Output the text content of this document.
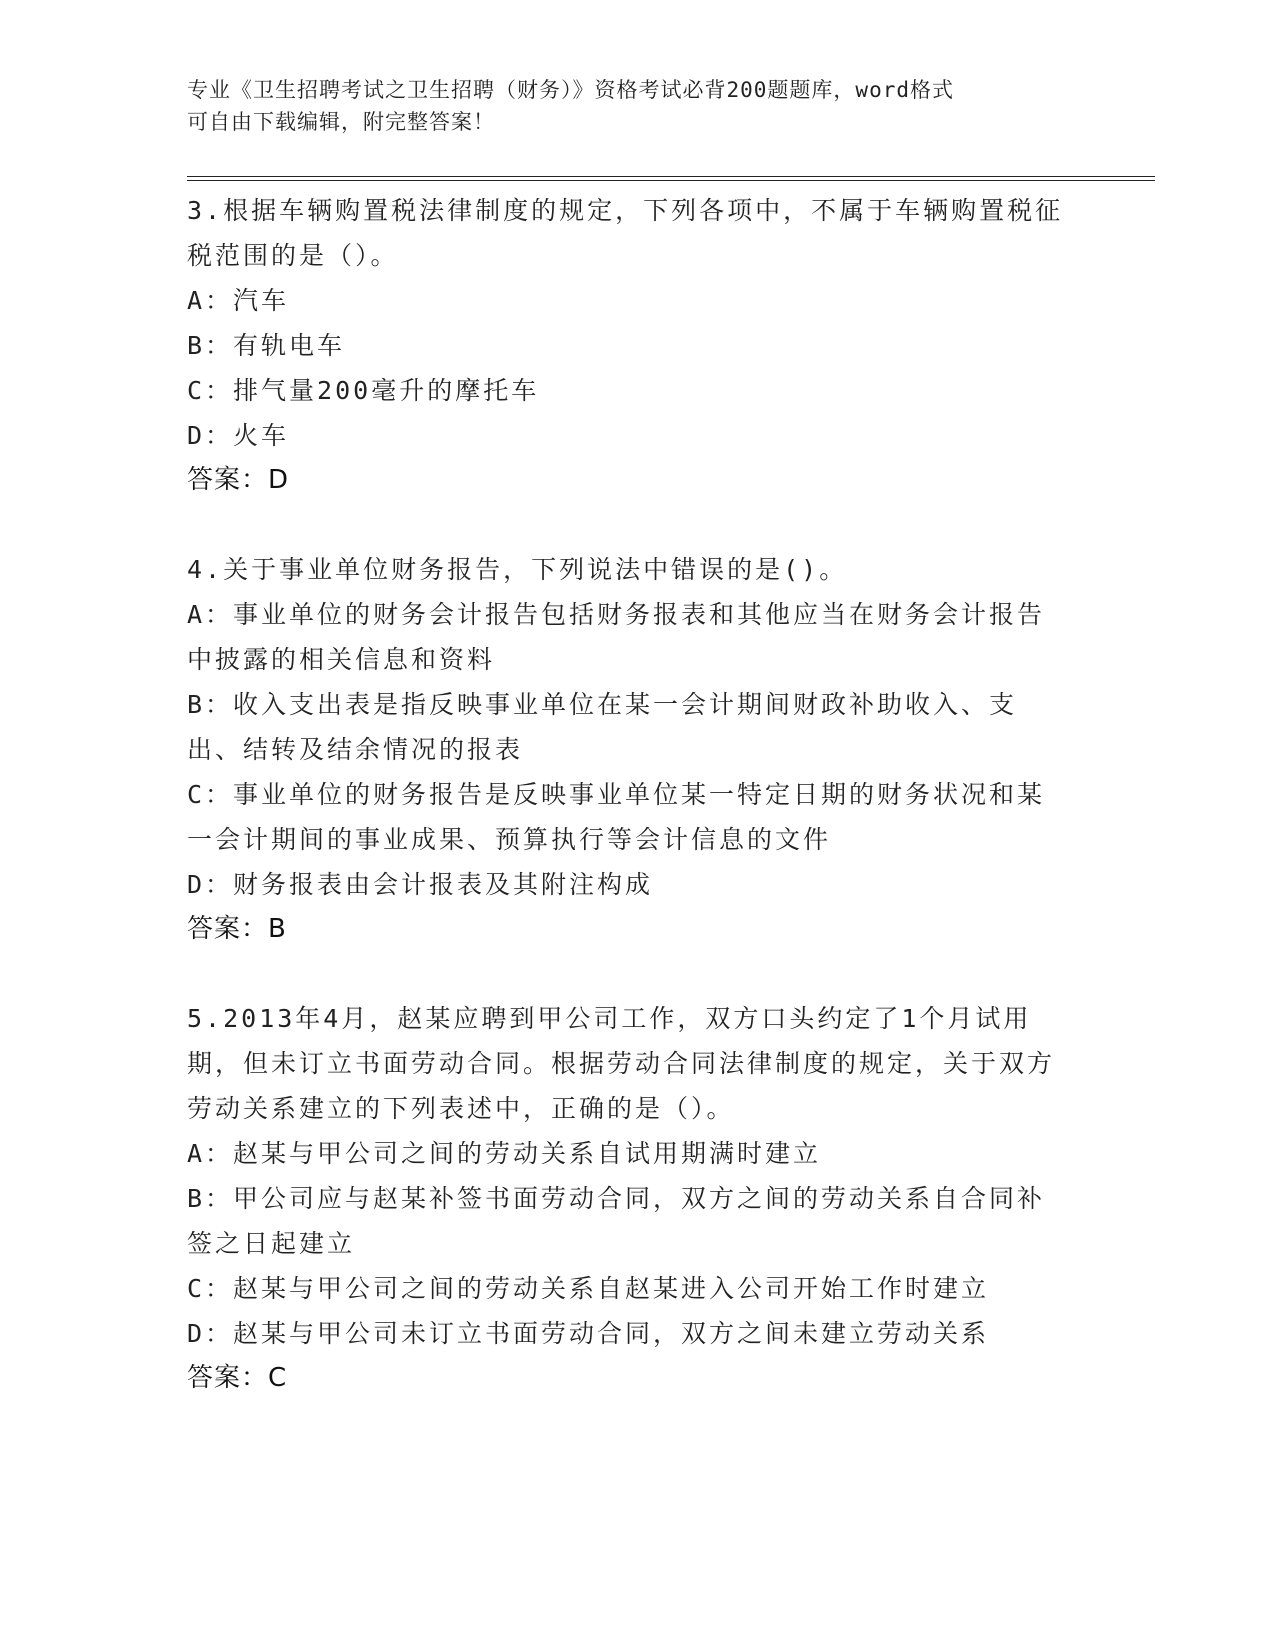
专业《卫生招聘考试之卫生招聘（财务）》资格考试必背200题题库，word格式
可自由下载编辑，附完整答案！
3.根据车辆购置税法律制度的规定，下列各项中，不属于车辆购置税征税范围的是（）。
A：汽车
B：有轨电车
C：排气量200毫升的摩托车
D：火车
答案：D
4.关于事业单位财务报告，下列说法中错误的是()。
A：事业单位的财务会计报告包括财务报表和其他应当在财务会计报告中披露的相关信息和资料
B：收入支出表是指反映事业单位在某一会计期间财政补助收入、支出、结转及结余情况的报表
C：事业单位的财务报告是反映事业单位某一特定日期的财务状况和某一会计期间的事业成果、预算执行等会计信息的文件
D：财务报表由会计报表及其附注构成
答案：B
5.2013年4月，赵某应聘到甲公司工作，双方口头约定了1个月试用期，但未订立书面劳动合同。根据劳动合同法律制度的规定，关于双方劳动关系建立的下列表述中，正确的是（）。
A：赵某与甲公司之间的劳动关系自试用期满时建立
B：甲公司应与赵某补签书面劳动合同，双方之间的劳动关系自合同补签之日起建立
C：赵某与甲公司之间的劳动关系自赵某进入公司开始工作时建立
D：赵某与甲公司未订立书面劳动合同，双方之间未建立劳动关系
答案：C
